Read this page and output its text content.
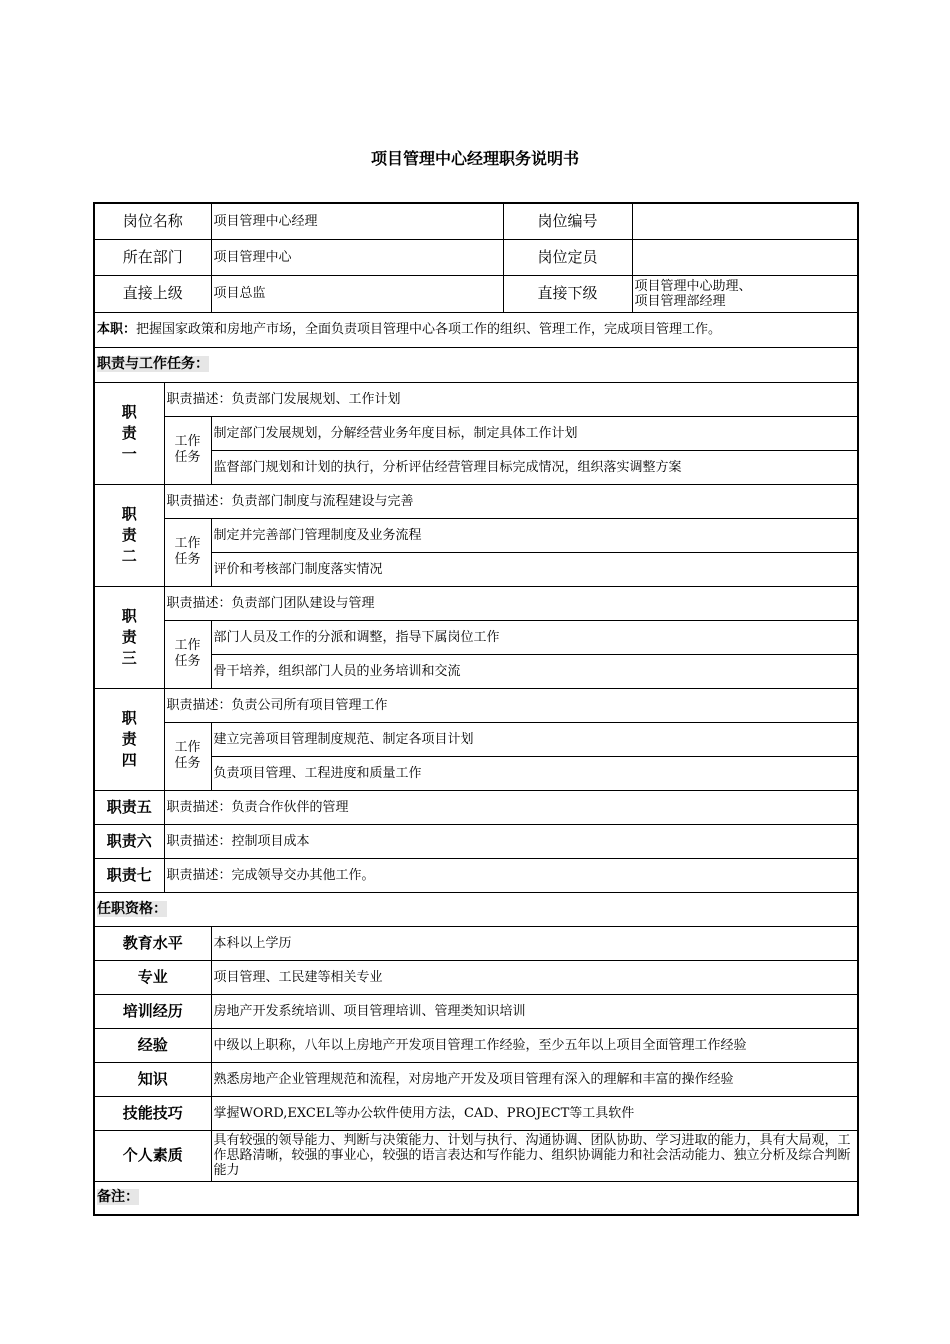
项目管理中心经理职务说明书
岗位名称		项目管理中心经理	岗位编号	
所在部门		项目管理中心	岗位定员	
直接上级		项目总监	直接下级	项目管理中心助理、
项目管理部经理

本职：把握国家政策和房地产市场，全面负责项目管理中心各项工作的组织、管理工作，完成项目管理工作。				
职责与工作任务：				

职
责
一	职责描述：负责部门发展规划、工作计划			

	工作
任务	制定部门发展规划，分解经营业务年度目标，制定具体工作计划		
		监督部门规划和计划的执行，分析评估经营管理目标完成情况，组织落实调整方案		

职
责
二	职责描述：负责部门制度与流程建设与完善			

	工作
任务	制定并完善部门管理制度及业务流程		
		评价和考核部门制度落实情况		

职
责
三	职责描述：负责部门团队建设与管理			

	工作
任务	部门人员及工作的分派和调整，指导下属岗位工作		
		骨干培养，组织部门人员的业务培训和交流		

职
责
四	职责描述：负责公司所有项目管理工作			

	工作
任务	建立完善项目管理制度规范、制定各项目计划		
		负责项目管理、工程进度和质量工作		
职责五	职责描述：负责合作伙伴的管理			
职责六	职责描述：控制项目成本			
职责七	职责描述：完成领导交办其他工作。			
任职资格：				
教育水平		本科以上学历		
专业		项目管理、工民建等相关专业		
培训经历		房地产开发系统培训、项目管理培训、管理类知识培训		
经验		中级以上职称，八年以上房地产开发项目管理工作经验，至少五年以上项目全面管理工作经验		
知识		熟悉房地产企业管理规范和流程，对房地产开发及项目管理有深入的理解和丰富的操作经验		
技能技巧		掌握WORD,EXCEL等办公软件使用方法，CAD、PROJECT等工具软件		
个人素质		具有较强的领导能力、判断与决策能力、计划与执行、沟通协调、团队协助、学习进取的能力，具有大局观，工作思路清晰，较强的事业心，较强的语言表达和写作能力、组织协调能力和社会活动能力、独立分析及综合判断能力		
备注：				
